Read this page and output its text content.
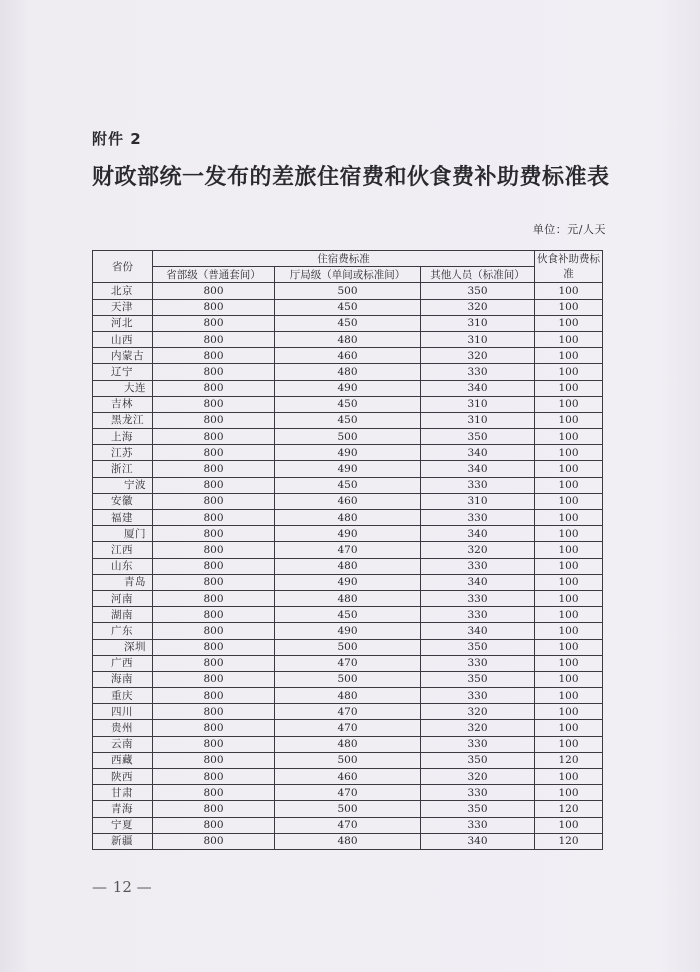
附件 2
财政部统一发布的差旅住宿费和伙食费补助费标准表
单位：元/人天
省份	住宿费标准			伙食补助费标准
	省部级（普通套间）	厅局级（单间或标准间）	其他人员（标准间）	
北京	800	500	350	100
天津	800	450	320	100
河北	800	450	310	100
山西	800	480	310	100
内蒙古	800	460	320	100
辽宁	800	480	330	100
大连	800	490	340	100
吉林	800	450	310	100
黑龙江	800	450	310	100
上海	800	500	350	100
江苏	800	490	340	100
浙江	800	490	340	100
宁波	800	450	330	100
安徽	800	460	310	100
福建	800	480	330	100
厦门	800	490	340	100
江西	800	470	320	100
山东	800	480	330	100
青岛	800	490	340	100
河南	800	480	330	100
湖南	800	450	330	100
广东	800	490	340	100
深圳	800	500	350	100
广西	800	470	330	100
海南	800	500	350	100
重庆	800	480	330	100
四川	800	470	320	100
贵州	800	470	320	100
云南	800	480	330	100
西藏	800	500	350	120
陕西	800	460	320	100
甘肃	800	470	330	100
青海	800	500	350	120
宁夏	800	470	330	100
新疆	800	480	340	120
— 12 —
